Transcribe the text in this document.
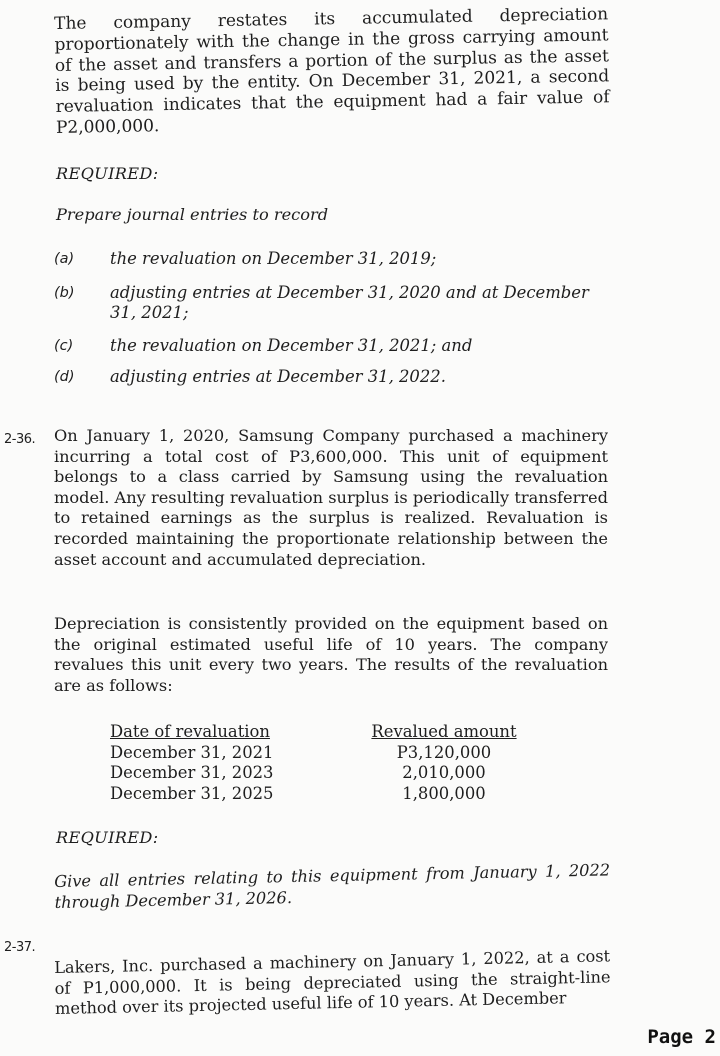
The company restates its accumulated depreciation proportionately with the change in the gross carrying amount of the asset and transfers a portion of the surplus as the asset is being used by the entity. On December 31, 2021, a second revaluation indicates that the equipment had a fair value of P2,000,000.
REQUIRED:
Prepare journal entries to record
(a) the revaluation on December 31, 2019;
(b) adjusting entries at December 31, 2020 and at December 31, 2021;
(c) the revaluation on December 31, 2021; and
(d) adjusting entries at December 31, 2022.
2-36. On January 1, 2020, Samsung Company purchased a machinery incurring a total cost of P3,600,000. This unit of equipment belongs to a class carried by Samsung using the revaluation model. Any resulting revaluation surplus is periodically transferred to retained earnings as the surplus is realized. Revaluation is recorded maintaining the proportionate relationship between the asset account and accumulated depreciation.
Depreciation is consistently provided on the equipment based on the original estimated useful life of 10 years. The company revalues this unit every two years. The results of the revaluation are as follows:
Date of revaluation
December 31, 2021
December 31, 2023
December 31, 2025
Revalued amount
P3,120,000
2,010,000
1,800,000
REQUIRED:
Give all entries relating to this equipment from January 1, 2022 through December 31, 2026.
2-37. Lakers, Inc. purchased a machinery on January 1, 2022, at a cost of P1,000,000. It is being depreciated using the straight-line method over its projected useful life of 10 years. At December
Page 2
